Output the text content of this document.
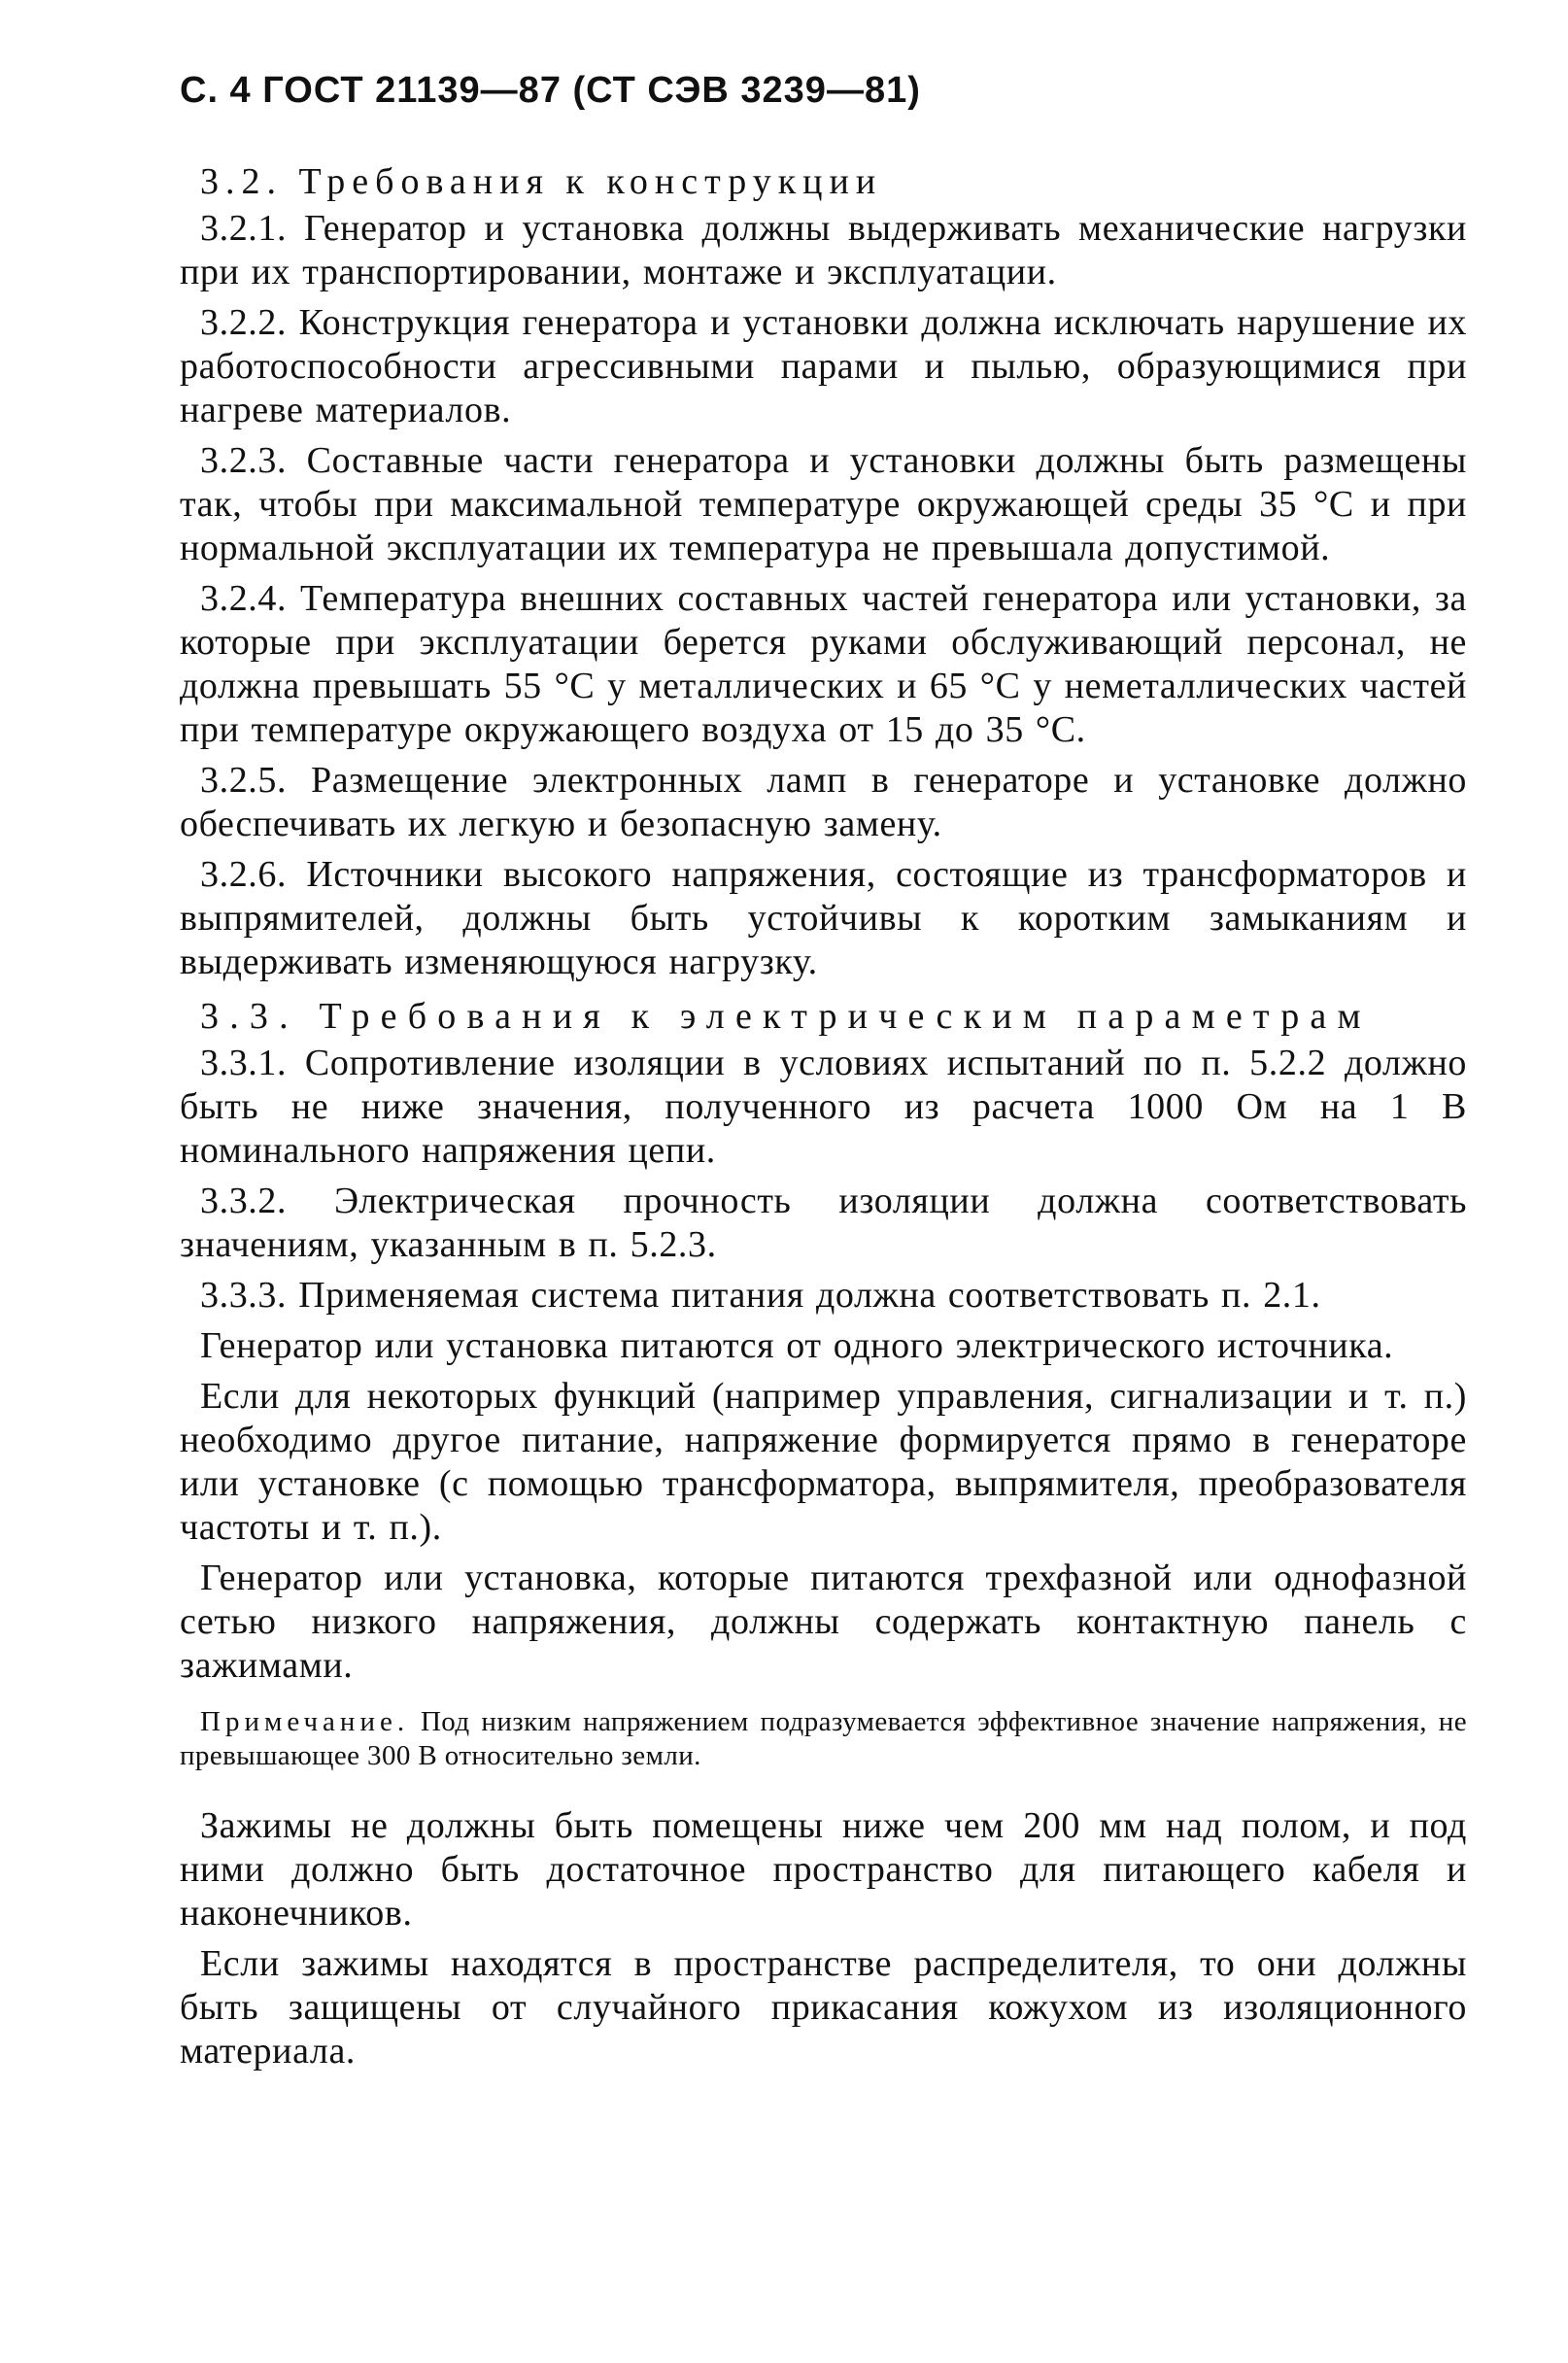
С. 4 ГОСТ 21139—87 (СТ СЭВ 3239—81)
3.2. Требования к конструкции

3.2.1. Генератор и установка должны выдерживать механические нагрузки при их транспортировании, монтаже и эксплуатации.

3.2.2. Конструкция генератора и установки должна исключать нарушение их работоспособности агрессивными парами и пылью, образующимися при нагреве материалов.

3.2.3. Составные части генератора и установки должны быть размещены так, чтобы при максимальной температуре окружающей среды 35 °С и при нормальной эксплуатации их температура не превышала допустимой.

3.2.4. Температура внешних составных частей генератора или установки, за которые при эксплуатации берется руками обслуживающий персонал, не должна превышать 55 °С у металлических и 65 °С у неметаллических частей при температуре окружающего воздуха от 15 до 35 °С.

3.2.5. Размещение электронных ламп в генераторе и установке должно обеспечивать их легкую и безопасную замену.

3.2.6. Источники высокого напряжения, состоящие из трансформаторов и выпрямителей, должны быть устойчивы к коротким замыканиям и выдерживать изменяющуюся нагрузку.

3.3. Требования к электрическим параметрам

3.3.1. Сопротивление изоляции в условиях испытаний по п. 5.2.2 должно быть не ниже значения, полученного из расчета 1000 Ом на 1 В номинального напряжения цепи.

3.3.2. Электрическая прочность изоляции должна соответствовать значениям, указанным в п. 5.2.3.

3.3.3. Применяемая система питания должна соответствовать п. 2.1.

Генератор или установка питаются от одного электрического источника.

Если для некоторых функций (например управления, сигнализации и т. п.) необходимо другое питание, напряжение формируется прямо в генераторе или установке (с помощью трансформатора, выпрямителя, преобразователя частоты и т. п.).

Генератор или установка, которые питаются трехфазной или однофазной сетью низкого напряжения, должны содержать контактную панель с зажимами.

Примечание. Под низким напряжением подразумевается эффективное значение напряжения, не превышающее 300 В относительно земли.

Зажимы не должны быть помещены ниже чем 200 мм над полом, и под ними должно быть достаточное пространство для питающего кабеля и наконечников.

Если зажимы находятся в пространстве распределителя, то они должны быть защищены от случайного прикасания кожухом из изоляционного материала.
